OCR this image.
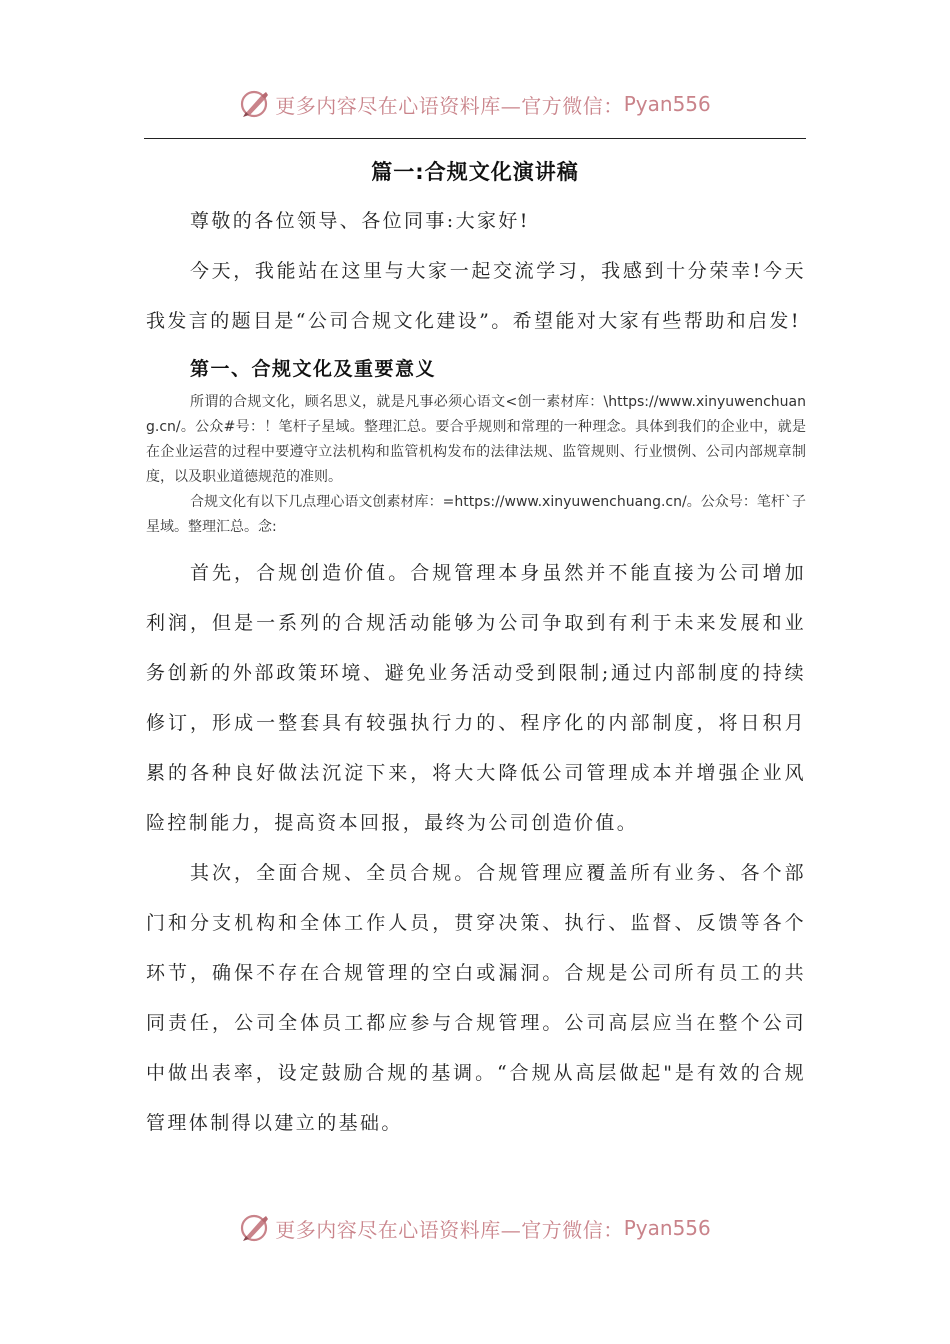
更多内容尽在心语资料库—官方微信： Pyan556
篇一:合规文化演讲稿

尊敬的各位领导、各位同事:大家好!

今天，我能站在这里与大家一起交流学习，我感到十分荣幸!今天我发言的题目是“公司合规文化建设”。希望能对大家有些帮助和启发!

第一、合规文化及重要意义

所谓的合规文化，顾名思义，就是凡事必须心语文<创一素材库：\https://www.xinyuwenchuang.cn/。公众#号：！笔杆子星域。整理汇总。要合乎规则和常理的一种理念。具体到我们的企业中，就是在企业运营的过程中要遵守立法机构和监管机构发布的法律法规、监管规则、行业惯例、公司内部规章制度，以及职业道德规范的准则。

合规文化有以下几点理心语文创素材库：=https://www.xinyuwenchuang.cn/。公众号：笔杆`子星域。整理汇总。念:

首先，合规创造价值。合规管理本身虽然并不能直接为公司增加利润，但是一系列的合规活动能够为公司争取到有利于未来发展和业务创新的外部政策环境、避免业务活动受到限制;通过内部制度的持续修订，形成一整套具有较强执行力的、程序化的内部制度，将日积月累的各种良好做法沉淀下来，将大大降低公司管理成本并增强企业风险控制能力，提高资本回报，最终为公司创造价值。

其次，全面合规、全员合规。合规管理应覆盖所有业务、各个部门和分支机构和全体工作人员，贯穿决策、执行、监督、反馈等各个环节，确保不存在合规管理的空白或漏洞。合规是公司所有员工的共同责任，公司全体员工都应参与合规管理。公司高层应当在整个公司中做出表率，设定鼓励合规的基调。“合规从高层做起"是有效的合规管理体制得以建立的基础。

更多内容尽在心语资料库—官方微信： Pyan556
